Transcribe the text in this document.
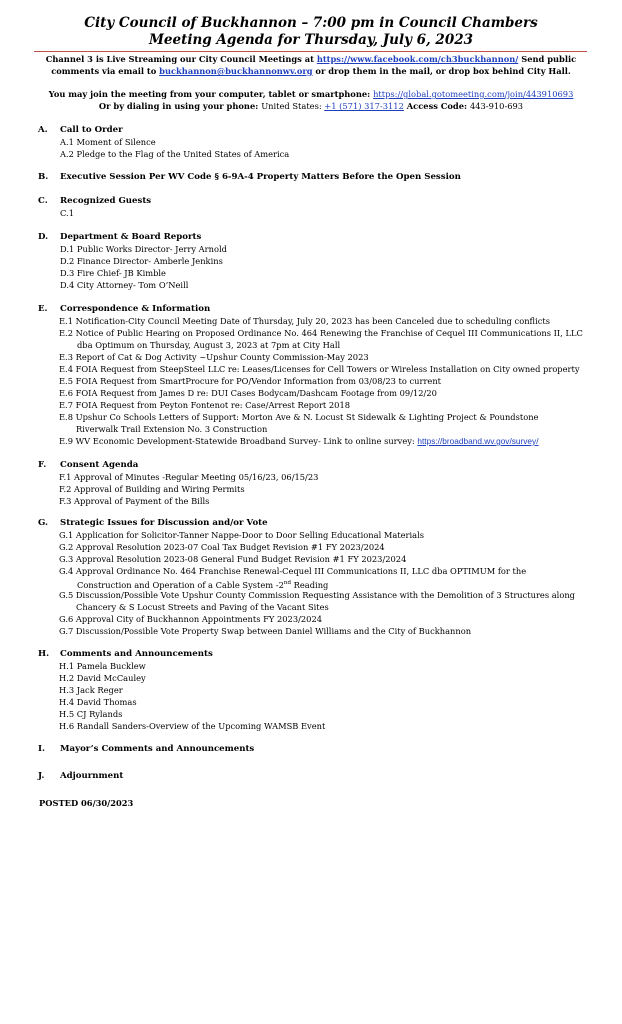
City Council of Buckhannon – 7:00 pm in Council Chambers
Meeting Agenda for Thursday, July 6, 2023
Channel 3 is Live Streaming our City Council Meetings at https://www.facebook.com/ch3buckhannon/ Send public
comments via email to buckhannon@buckhannonwv.org or drop them in the mail, or drop box behind City Hall.
You may join the meeting from your computer, tablet or smartphone: https://global.gotomeeting.com/join/443910693
Or by dialing in using your phone: United States: +1 (571) 317-3112 Access Code: 443-910-693
A. Call to Order
A.1 Moment of Silence
A.2 Pledge to the Flag of the United States of America
B. Executive Session Per WV Code § 6-9A-4 Property Matters Before the Open Session
C. Recognized Guests
C.1
D. Department & Board Reports
D.1 Public Works Director- Jerry Arnold
D.2 Finance Director- Amberle Jenkins
D.3 Fire Chief- JB Kimble
D.4 City Attorney- Tom O’Neill
E. Correspondence & Information
E.1 Notification-City Council Meeting Date of Thursday, July 20, 2023 has been Canceled due to scheduling conflicts
E.2 Notice of Public Hearing on Proposed Ordinance No. 464 Renewing the Franchise of Cequel III Communications II, LLC
dba Optimum on Thursday, August 3, 2023 at 7pm at City Hall
E.3 Report of Cat & Dog Activity ~Upshur County Commission-May 2023
E.4 FOIA Request from SteepSteel LLC re: Leases/Licenses for Cell Towers or Wireless Installation on City owned property
E.5 FOIA Request from SmartProcure for PO/Vendor Information from 03/08/23 to current
E.6 FOIA Request from James D re: DUI Cases Bodycam/Dashcam Footage from 09/12/20
E.7 FOIA Request from Peyton Fontenot re: Case/Arrest Report 2018
E.8 Upshur Co Schools Letters of Support: Morton Ave & N. Locust St Sidewalk & Lighting Project & Poundstone
Riverwalk Trail Extension No. 3 Construction
E.9 WV Economic Development-Statewide Broadband Survey- Link to online survey: https://broadband.wv.gov/survey/
F. Consent Agenda
F.1 Approval of Minutes -Regular Meeting 05/16/23, 06/15/23
F.2 Approval of Building and Wiring Permits
F.3 Approval of Payment of the Bills
G. Strategic Issues for Discussion and/or Vote
G.1 Application for Solicitor-Tanner Nappe-Door to Door Selling Educational Materials
G.2 Approval Resolution 2023-07 Coal Tax Budget Revision #1 FY 2023/2024
G.3 Approval Resolution 2023-08 General Fund Budget Revision #1 FY 2023/2024
G.4 Approval Ordinance No. 464 Franchise Renewal-Cequel III Communications II, LLC dba OPTIMUM for the
Construction and Operation of a Cable System -2nd Reading
G.5 Discussion/Possible Vote Upshur County Commission Requesting Assistance with the Demolition of 3 Structures along
Chancery & S Locust Streets and Paving of the Vacant Sites
G.6 Approval City of Buckhannon Appointments FY 2023/2024
G.7 Discussion/Possible Vote Property Swap between Daniel Williams and the City of Buckhannon
H. Comments and Announcements
H.1 Pamela Bucklew
H.2 David McCauley
H.3 Jack Reger
H.4 David Thomas
H.5 CJ Rylands
H.6 Randall Sanders-Overview of the Upcoming WAMSB Event
I. Mayor’s Comments and Announcements
J. Adjournment
POSTED 06/30/2023
